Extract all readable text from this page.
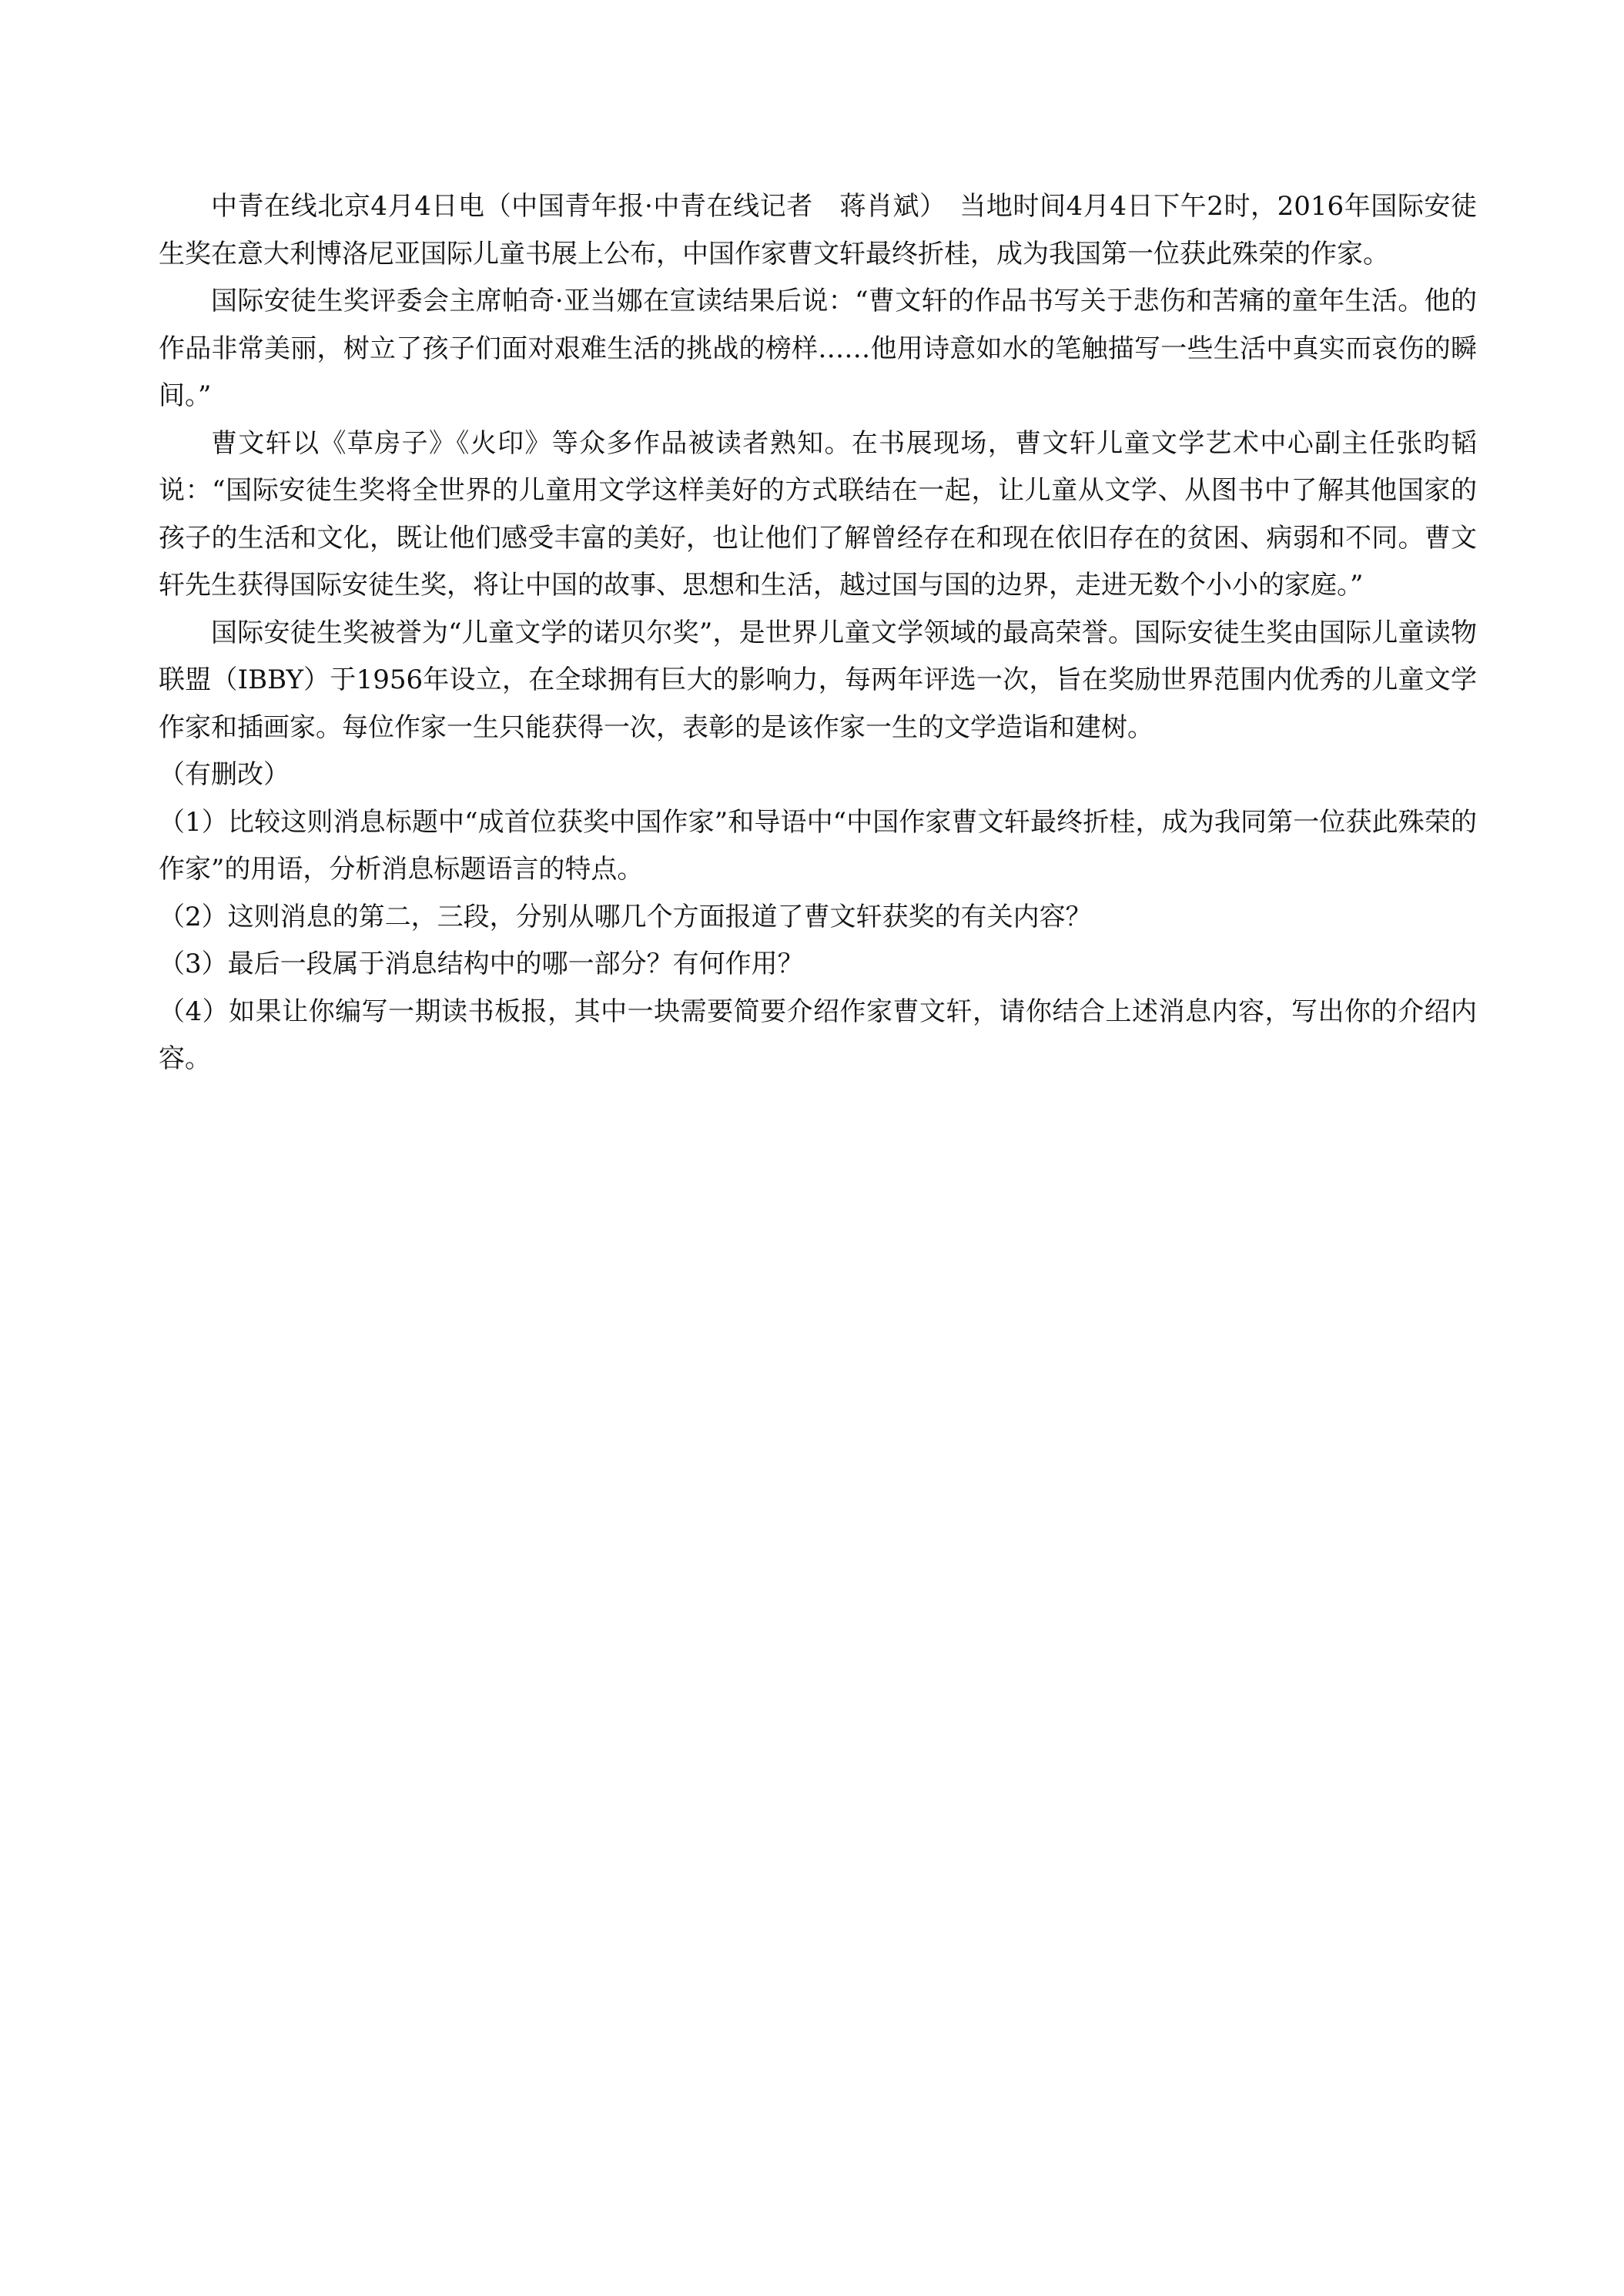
中青在线北京4月4日电（中国青年报·中青在线记者　蒋肖斌）　当地时间4月4日下午2时，2016年国际安徒生奖在意大利博洛尼亚国际儿童书展上公布，中国作家曹文轩最终折桂，成为我国第一位获此殊荣的作家。

国际安徒生奖评委会主席帕奇·亚当娜在宣读结果后说：“曹文轩的作品书写关于悲伤和苦痛的童年生活。他的作品非常美丽，树立了孩子们面对艰难生活的挑战的榜样……他用诗意如水的笔触描写一些生活中真实而哀伤的瞬间。”

曹文轩以《草房子》《火印》等众多作品被读者熟知。在书展现场，曹文轩儿童文学艺术中心副主任张昀韬说：“国际安徒生奖将全世界的儿童用文学这样美好的方式联结在一起，让儿童从文学、从图书中了解其他国家的孩子的生活和文化，既让他们感受丰富的美好，也让他们了解曾经存在和现在依旧存在的贫困、病弱和不同。曹文轩先生获得国际安徒生奖，将让中国的故事、思想和生活，越过国与国的边界，走进无数个小小的家庭。”

国际安徒生奖被誉为“儿童文学的诺贝尔奖”，是世界儿童文学领域的最高荣誉。国际安徒生奖由国际儿童读物联盟（IBBY）于1956年设立，在全球拥有巨大的影响力，每两年评选一次，旨在奖励世界范围内优秀的儿童文学作家和插画家。每位作家一生只能获得一次，表彰的是该作家一生的文学造诣和建树。

（有删改）

（1）比较这则消息标题中“成首位获奖中国作家”和导语中“中国作家曹文轩最终折桂，成为我同第一位获此殊荣的作家”的用语，分析消息标题语言的特点。

（2）这则消息的第二，三段，分别从哪几个方面报道了曹文轩获奖的有关内容？

（3）最后一段属于消息结构中的哪一部分？有何作用？

（4）如果让你编写一期读书板报，其中一块需要简要介绍作家曹文轩，请你结合上述消息内容，写出你的介绍内容。
